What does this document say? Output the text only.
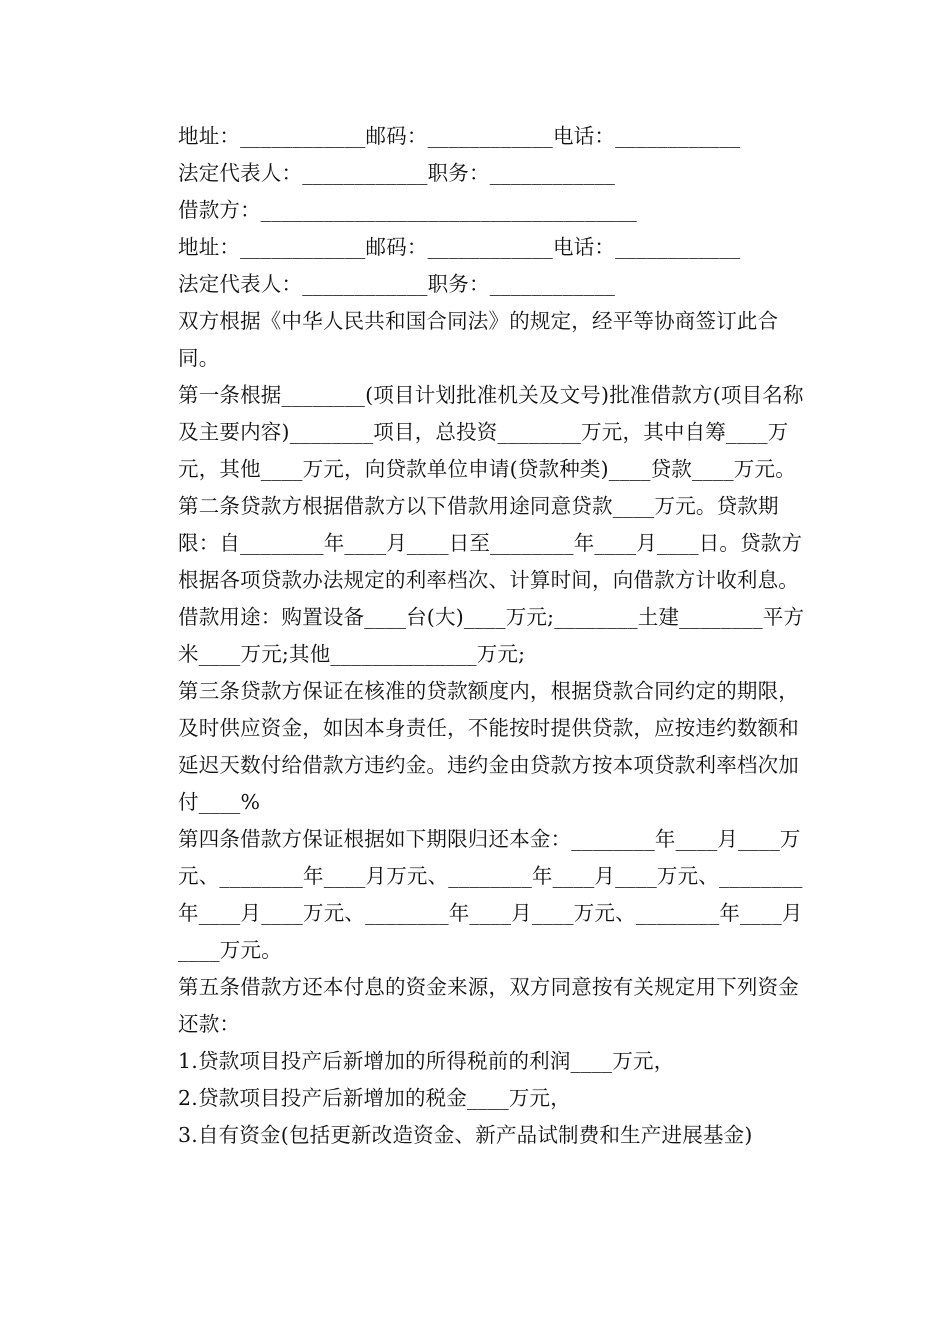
地址：____________邮码：____________电话：____________
法定代表人：____________职务：____________
借款方：____________________________________
地址：____________邮码：____________电话：____________
法定代表人：____________职务：____________

双方根据《中华人民共和国合同法》的规定，经平等协商签订此合同。

第一条根据________(项目计划批准机关及文号)批准借款方(项目名称及主要内容)________项目，总投资________万元，其中自筹____万元，其他____万元，向贷款单位申请(贷款种类)____贷款____万元。

第二条贷款方根据借款方以下借款用途同意贷款____万元。贷款期限：自________年____月____日至________年____月____日。贷款方根据各项贷款办法规定的利率档次、计算时间，向借款方计收利息。

借款用途：购置设备____台(大)____万元;________土建________平方米____万元;其他______________万元;

第三条贷款方保证在核准的贷款额度内，根据贷款合同约定的期限，及时供应资金，如因本身责任，不能按时提供贷款，应按违约数额和延迟天数付给借款方违约金。违约金由贷款方按本项贷款利率档次加付____%

第四条借款方保证根据如下期限归还本金：________年____月____万元、________年____月万元、________年____月____万元、________年____月____万元、________年____月____万元、________年____月____万元。

第五条借款方还本付息的资金来源，双方同意按有关规定用下列资金还款：

1.贷款项目投产后新增加的所得税前的利润____万元，
2.贷款项目投产后新增加的税金____万元，
3.自有资金(包括更新改造资金、新产品试制费和生产进展基金)
